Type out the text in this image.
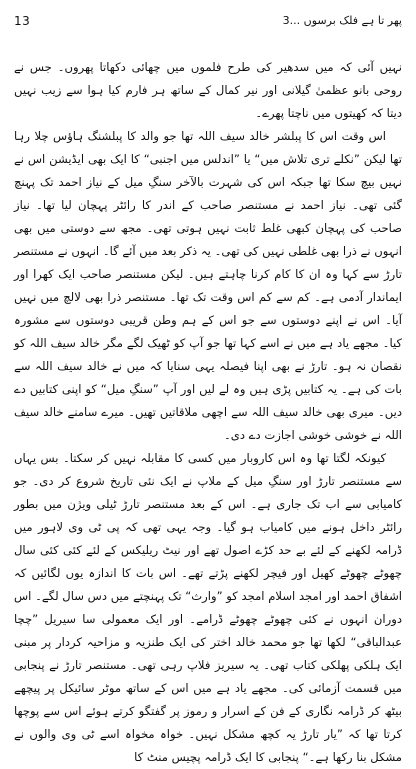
13	پھر تا ہے فلک برسوں ...3

نہیں آئی کہ میں سدھیر کی طرح فلموں میں چھائی دکھاتا پھروں۔ جس نے روحی بانو عظمیٰ گیلانی اور نیر کمال کے ساتھ ہر فارم کیا ہوا سے زیب نہیں دیتا کہ کھیتوں میں ناچتا پھرے۔

اس وقت اس کا پبلشر خالد سیف اللہ تھا جو والد کا پبلشنگ ہاؤس چلا رہا تھا لیکن ”نکلے تری تلاش میں“ یا ”اندلس میں اجنبی“ کا ایک بھی ایڈیشن اس نے نہیں بیچ سکا تھا جبکہ اس کی شہرت بالآخر سنگِ میل کے نیاز احمد تک پہنچ گئی تھی۔ نیاز احمد نے مستنصر صاحب کے اندر کا رائٹر پہچان لیا تھا۔ نیاز صاحب کی پہچان کبھی غلط ثابت نہیں ہوتی تھی۔ مجھ سے دوستی میں بھی انہوں نے ذرا بھی غلطی نہیں کی تھی۔ یہ ذکر بعد میں آئے گا۔ انہوں نے مستنصر تارڑ سے کہا وہ ان کا کام کرنا چاہتے ہیں۔ لیکن مستنصر صاحب ایک کھرا اور ایماندار آدمی ہے۔ کم سے کم اس وقت تک تھا۔ مستنصر ذرا بھی لالچ میں نہیں آیا۔ اس نے اپنے دوستوں سے جو اس کے ہم وطن قریبی دوستوں سے مشورہ کیا۔ مجھے یاد ہے میں نے اسے کہا تھا جو آپ کو ٹھیک لگے مگر خالد سیف اللہ کو نقصان نہ ہو۔ تارڑ نے بھی اپنا فیصلہ یہی سنایا کہ میں نے خالد سیف اللہ سے بات کی ہے۔ یہ کتابیں پڑی ہیں وہ لے لیں اور آپ ”سنگِ میل“ کو اپنی کتابیں دے دیں۔ میری بھی خالد سیف اللہ سے اچھی ملاقاتیں تھیں۔ میرے سامنے خالد سیف اللہ نے خوشی خوشی اجازت دے دی۔

کیونکہ لگتا تھا وہ اس کاروبار میں کسی کا مقابلہ نہیں کر سکتا۔ بس یہاں سے مستنصر تارڑ اور سنگِ میل کے ملاپ نے ایک نئی تاریخ شروع کر دی۔ جو کامیابی سے اب تک جاری ہے۔ اس کے بعد مستنصر تارڑ ٹیلی ویژن میں بطور رائٹر داخل ہونے میں کامیاب ہو گیا۔ وجہ یہی تھی کہ پی ٹی وی لاہور میں ڈرامہ لکھنے کے لئے بے حد کڑے اصول تھے اور نیٹ ریلیکس کے لئے کئی کئی سال چھوٹے چھوٹے کھیل اور فیچر لکھنے پڑتے تھے۔ اس بات کا اندازہ یوں لگائیں کہ اشفاق احمد اور امجد اسلام امجد کو ”وارث“ تک پہنچتے میں دس سال لگے۔ اس دوران انہوں نے کئی چھوٹے چھوٹے ڈرامے۔ اور ایک معمولی سا سیریل ”چچا عبدالباقی“ لکھا تھا جو محمد خالد اختر کی ایک طنزیہ و مزاحیہ کردار پر مبنی ایک ہلکی پھلکی کتاب تھی۔ یہ سیریز فلاپ رہی تھی۔ مستنصر تارڑ نے پنجابی میں قسمت آزمائی کی۔ مجھے یاد ہے میں اس کے ساتھ موٹر سائیکل پر پیچھے بیٹھ کر ڈرامہ نگاری کے فن کے اسرار و رموز پر گفتگو کرتے ہوئے اس سے پوچھا کرتا تھا کہ ”یار تارڑ یہ کچھ مشکل نہیں۔ خواہ مخواہ اسے ٹی وی والوں نے مشکل بنا رکھا ہے۔“ پنجابی کا ایک ڈرامہ پچیس منٹ کا
